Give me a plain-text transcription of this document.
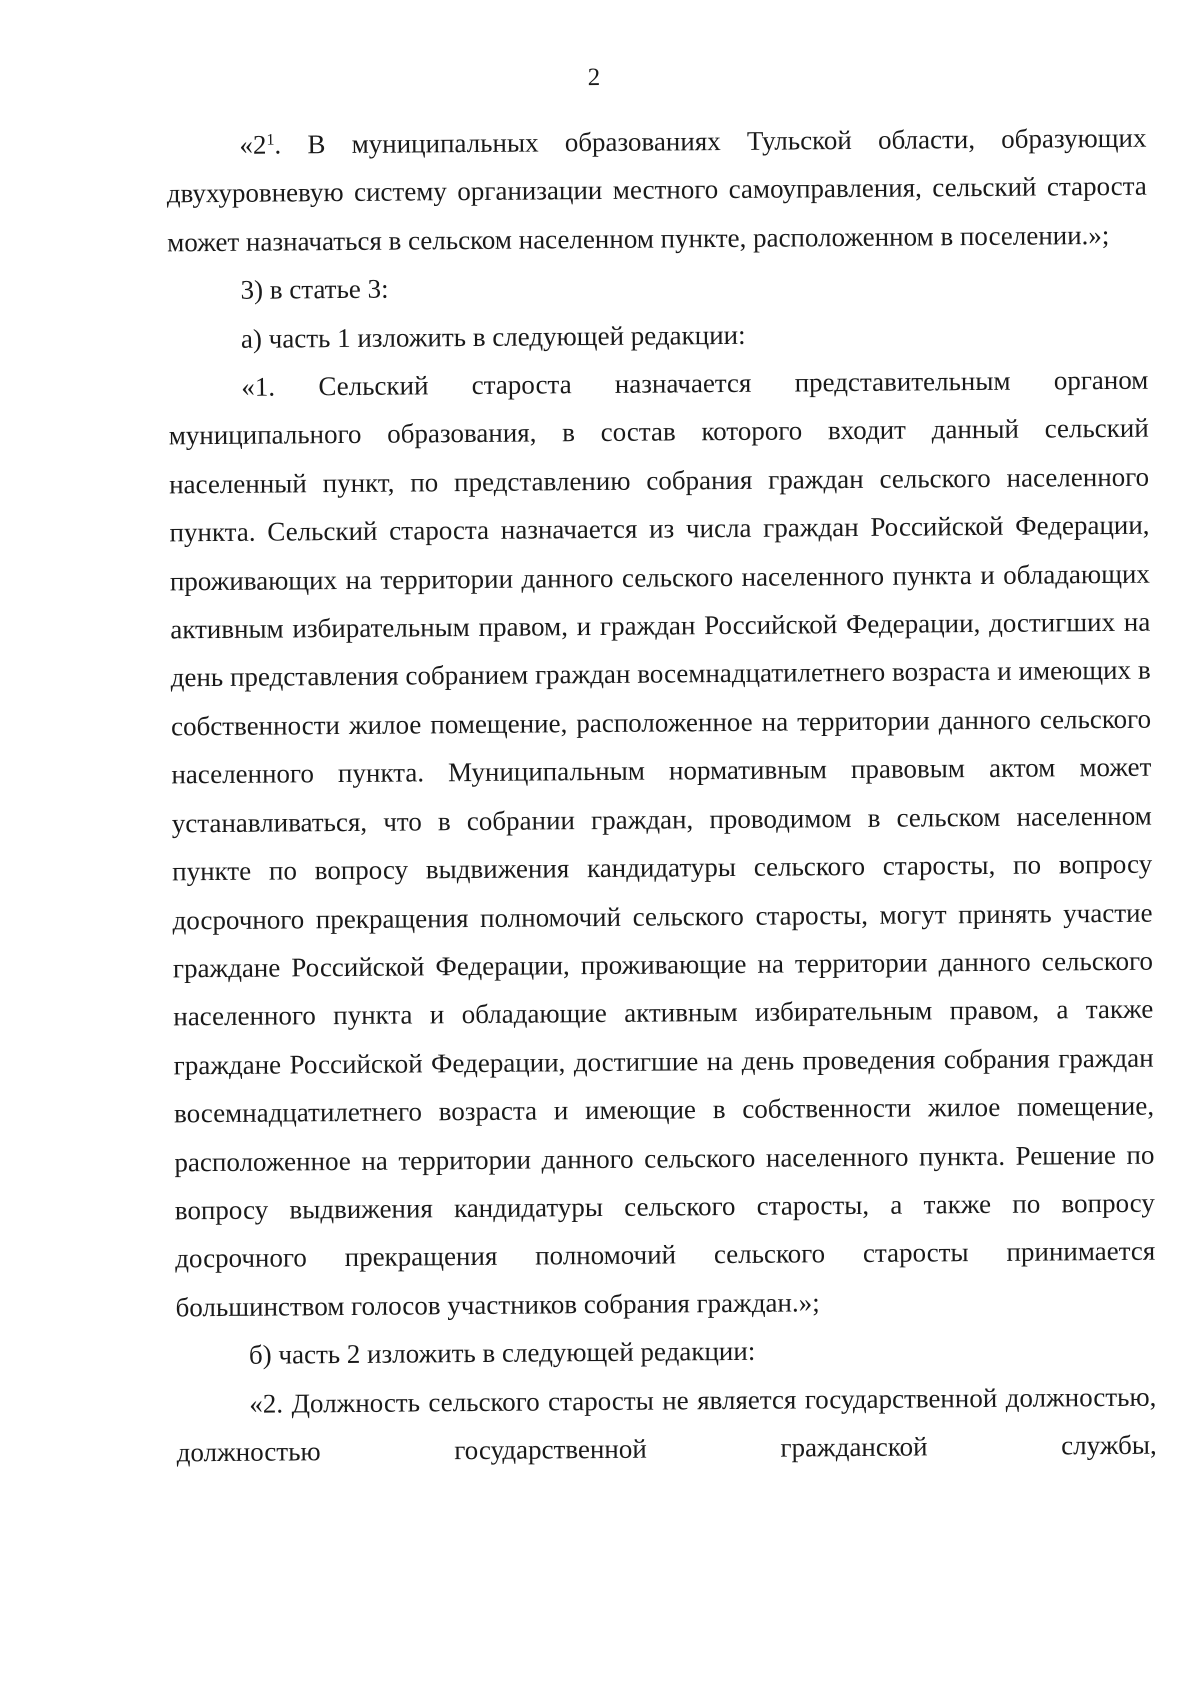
2

«$2^1$. В муниципальных образованиях Тульской области, образующих двухуровневую систему организации местного самоуправления, сельский староста может назначаться в сельском населенном пункте, расположенном в поселении.»;

3) в статье 3:

а) часть 1 изложить в следующей редакции:

«1. Сельский староста назначается представительным органом муниципального образования, в состав которого входит данный сельский населенный пункт, по представлению собрания граждан сельского населенного пункта. Сельский староста назначается из числа граждан Российской Федерации, проживающих на территории данного сельского населенного пункта и обладающих активным избирательным правом, и граждан Российской Федерации, достигших на день представления собранием граждан восемнадцатилетнего возраста и имеющих в собственности жилое помещение, расположенное на территории данного сельского населенного пункта. Муниципальным нормативным правовым актом может устанавливаться, что в собрании граждан, проводимом в сельском населенном пункте по вопросу выдвижения кандидатуры сельского старосты, по вопросу досрочного прекращения полномочий сельского старосты, могут принять участие граждане Российской Федерации, проживающие на территории данного сельского населенного пункта и обладающие активным избирательным правом, а также граждане Российской Федерации, достигшие на день проведения собрания граждан восемнадцатилетнего возраста и имеющие в собственности жилое помещение, расположенное на территории данного сельского населенного пункта. Решение по вопросу выдвижения кандидатуры сельского старосты, а также по вопросу досрочного прекращения полномочий сельского старосты принимается большинством голосов участников собрания граждан.»;

б) часть 2 изложить в следующей редакции:

«2. Должность сельского старосты не является государственной должностью, должностью государственной гражданской службы,
